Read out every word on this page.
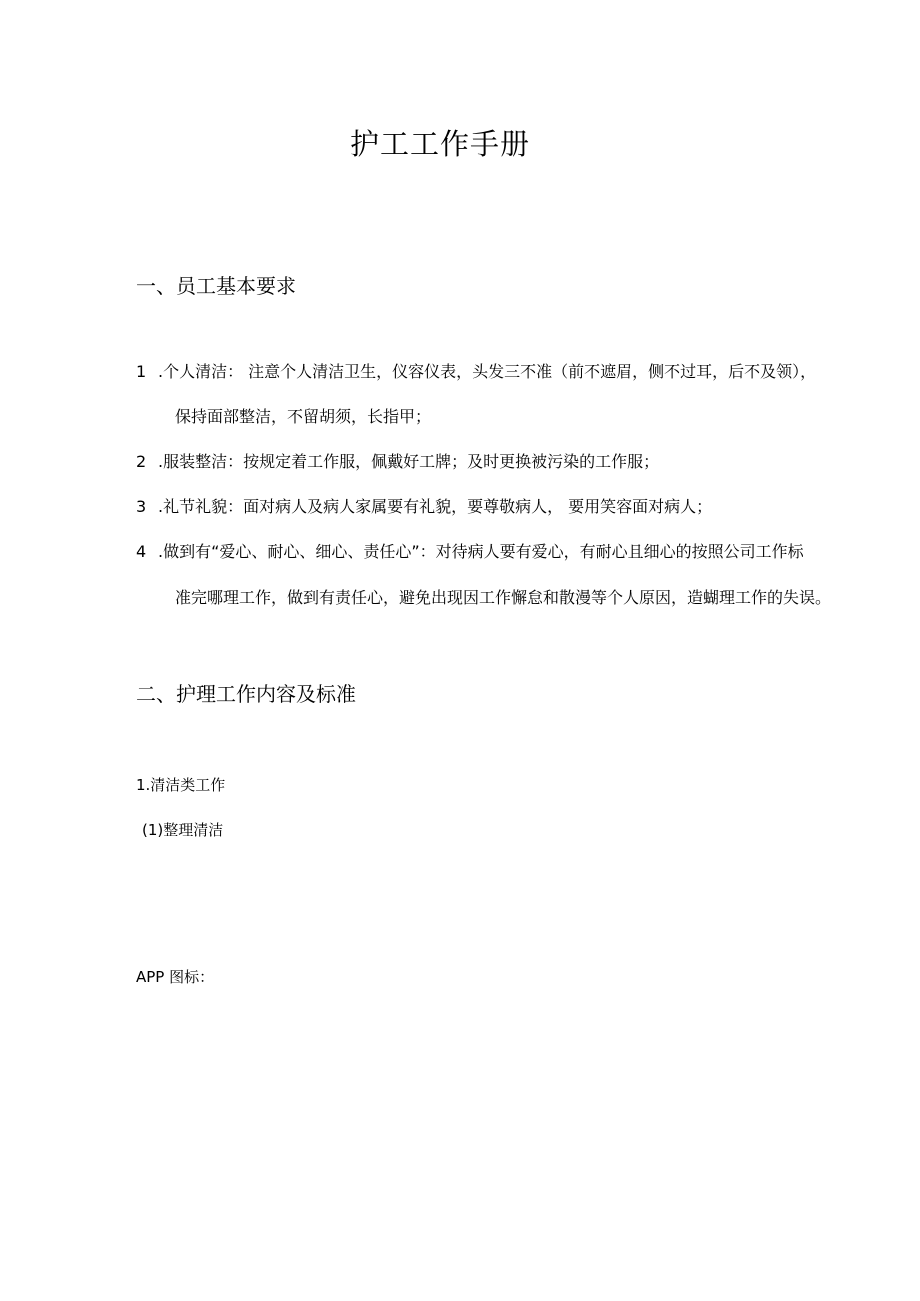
护工工作手册
一、员工基本要求
1 .个人清洁： 注意个人清洁卫生，仪容仪表，头发三不准（前不遮眉，侧不过耳，后不及领），
保持面部整洁，不留胡须，长指甲；
2 .服装整洁：按规定着工作服，佩戴好工牌；及时更换被污染的工作服；
3 .礼节礼貌：面对病人及病人家属要有礼貌，要尊敬病人， 要用笑容面对病人；
4 .做到有“爱心、耐心、细心、责任心”：对待病人要有爱心，有耐心且细心的按照公司工作标
准完哪理工作，做到有责任心，避免出现因工作懈怠和散漫等个人原因，造蝴理工作的失误。
二、护理工作内容及标准
1.清洁类工作
(1)整理清洁
APP 图标：
